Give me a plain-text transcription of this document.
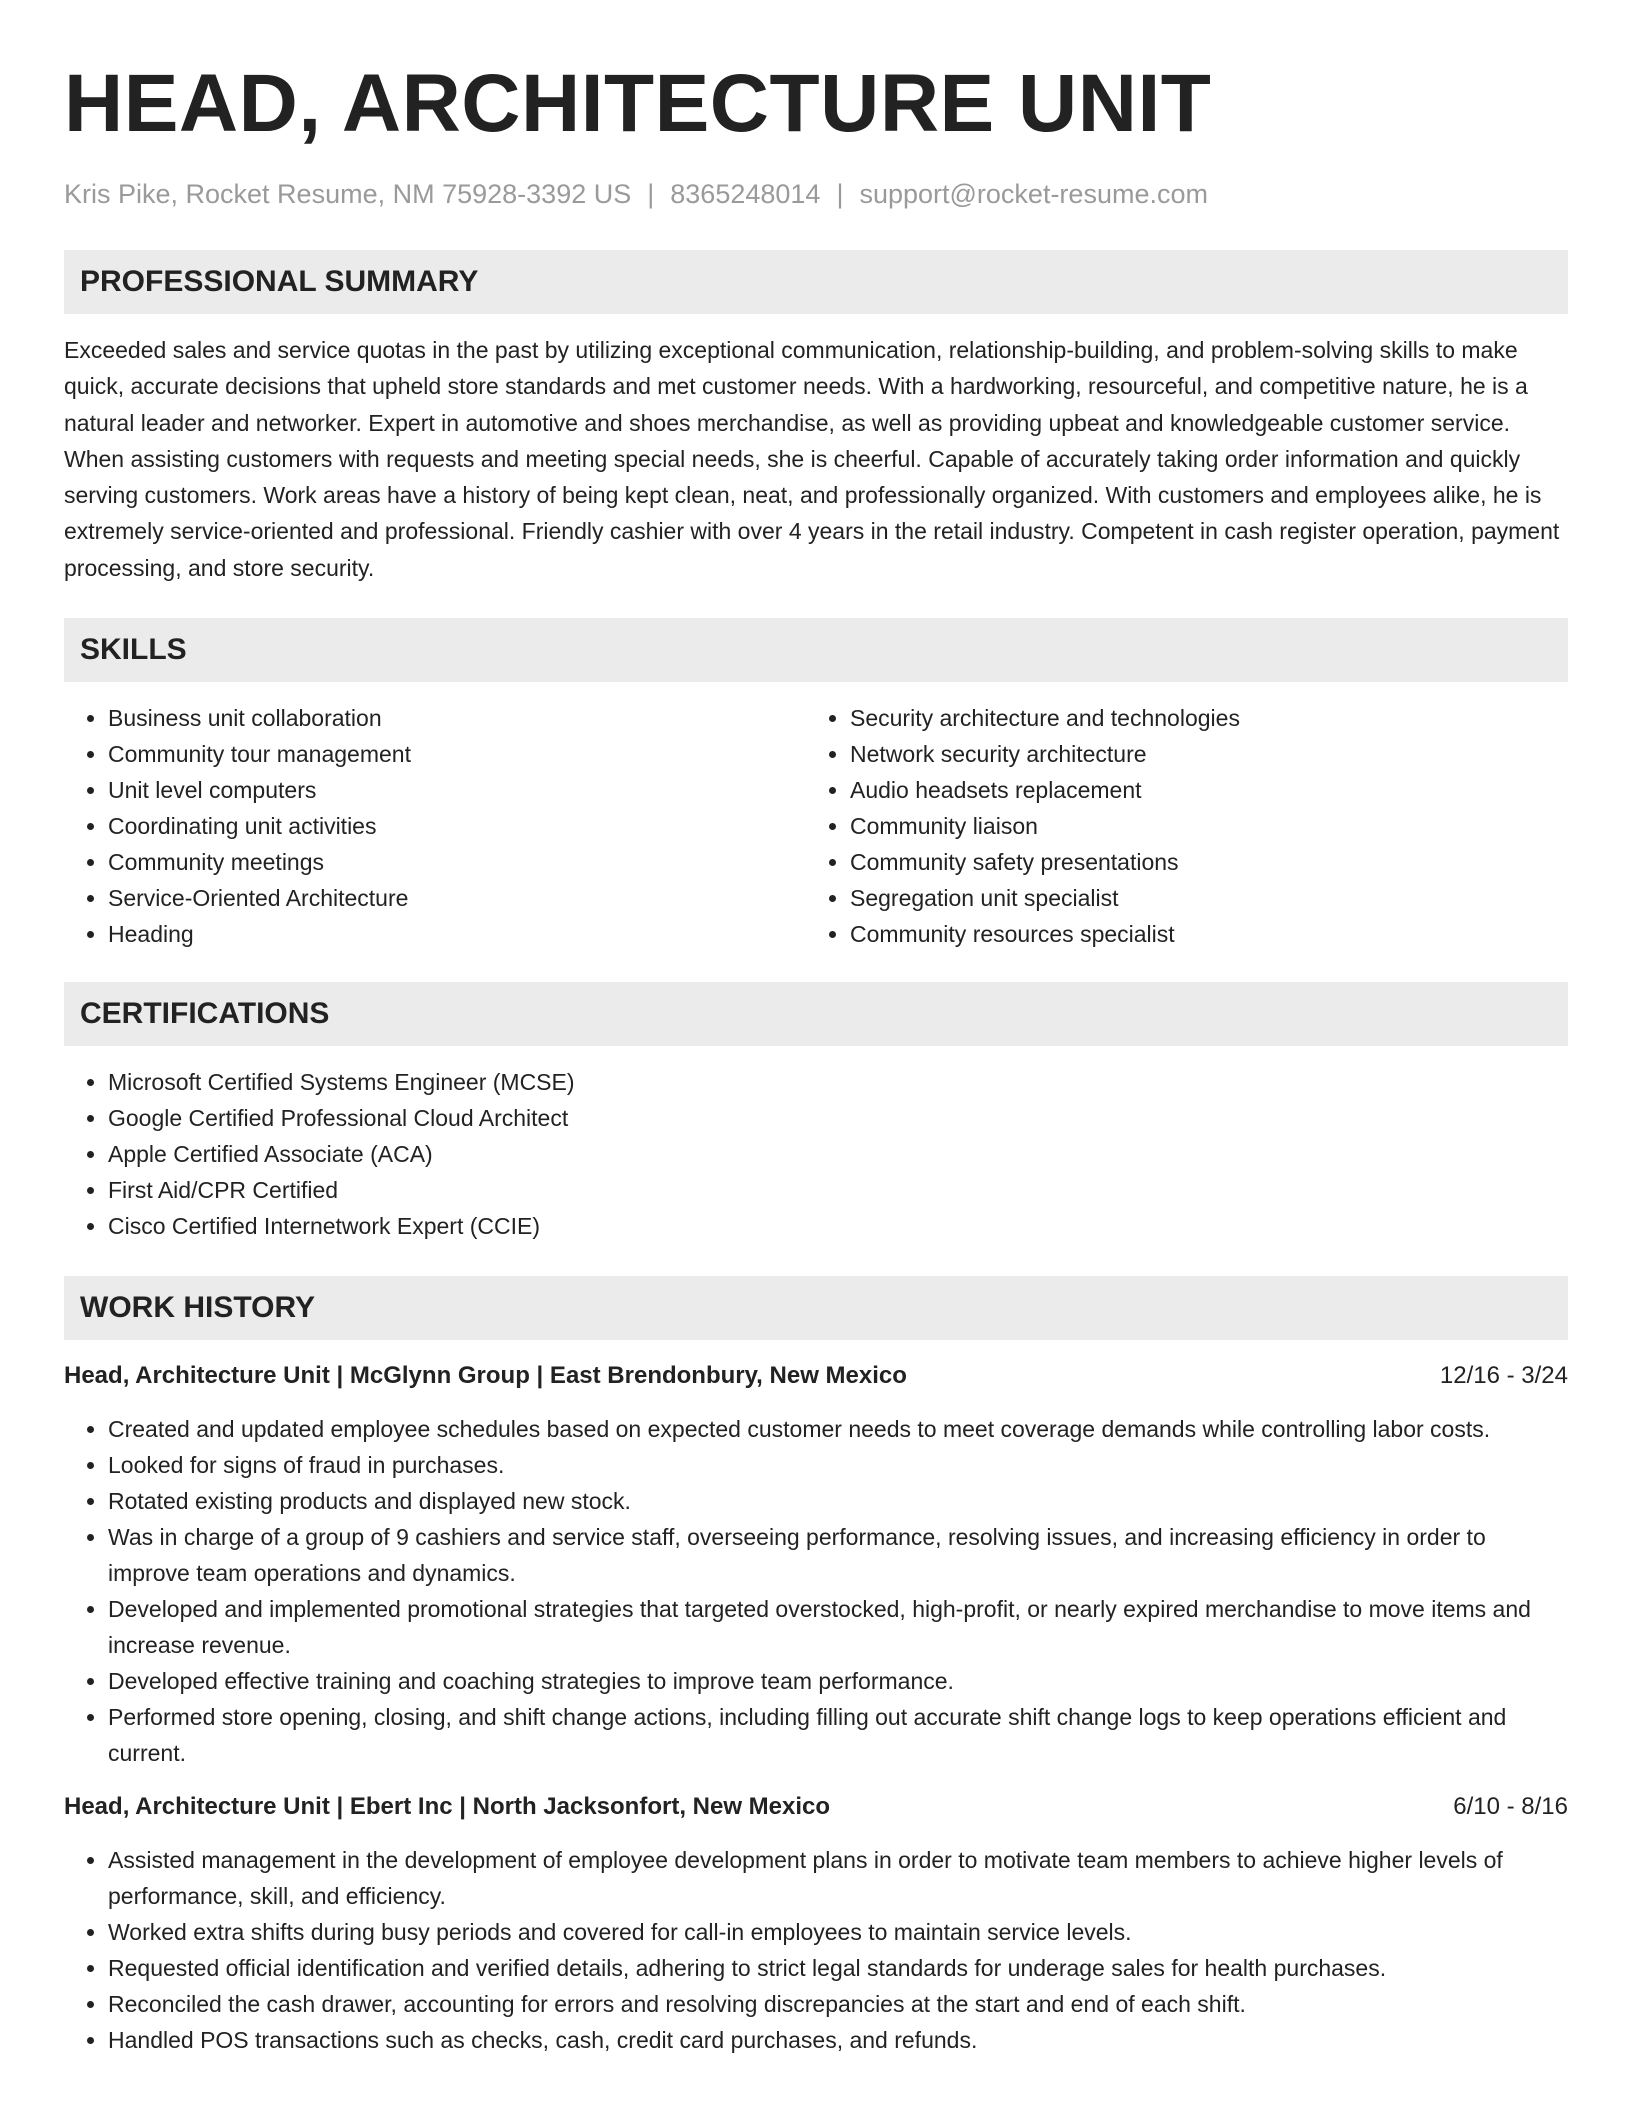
HEAD, ARCHITECTURE UNIT
Kris Pike, Rocket Resume, NM 75928-3392 US | 8365248014 | support@rocket-resume.com
PROFESSIONAL SUMMARY

Exceeded sales and service quotas in the past by utilizing exceptional communication, relationship-building, and problem-solving skills to make quick, accurate decisions that upheld store standards and met customer needs. With a hardworking, resourceful, and competitive nature, he is a natural leader and networker. Expert in automotive and shoes merchandise, as well as providing upbeat and knowledgeable customer service. When assisting customers with requests and meeting special needs, she is cheerful. Capable of accurately taking order information and quickly serving customers. Work areas have a history of being kept clean, neat, and professionally organized. With customers and employees alike, he is extremely service-oriented and professional. Friendly cashier with over 4 years in the retail industry. Competent in cash register operation, payment processing, and store security.

SKILLS
• Business unit collaboration
• Community tour management
• Unit level computers
• Coordinating unit activities
• Community meetings
• Service-Oriented Architecture
• Heading
• Security architecture and technologies
• Network security architecture
• Audio headsets replacement
• Community liaison
• Community safety presentations
• Segregation unit specialist
• Community resources specialist
CERTIFICATIONS
• Microsoft Certified Systems Engineer (MCSE)
• Google Certified Professional Cloud Architect
• Apple Certified Associate (ACA)
• First Aid/CPR Certified
• Cisco Certified Internetwork Expert (CCIE)
WORK HISTORY
Head, Architecture Unit | McGlynn Group | East Brendonbury, New Mexico	12/16 - 3/24
• Created and updated employee schedules based on expected customer needs to meet coverage demands while controlling labor costs.
• Looked for signs of fraud in purchases.
• Rotated existing products and displayed new stock.
• Was in charge of a group of 9 cashiers and service staff, overseeing performance, resolving issues, and increasing efficiency in order to improve team operations and dynamics.
• Developed and implemented promotional strategies that targeted overstocked, high-profit, or nearly expired merchandise to move items and increase revenue.
• Developed effective training and coaching strategies to improve team performance.
• Performed store opening, closing, and shift change actions, including filling out accurate shift change logs to keep operations efficient and current.
Head, Architecture Unit | Ebert Inc | North Jacksonfort, New Mexico	6/10 - 8/16
• Assisted management in the development of employee development plans in order to motivate team members to achieve higher levels of performance, skill, and efficiency.
• Worked extra shifts during busy periods and covered for call-in employees to maintain service levels.
• Requested official identification and verified details, adhering to strict legal standards for underage sales for health purchases.
• Reconciled the cash drawer, accounting for errors and resolving discrepancies at the start and end of each shift.
• Handled POS transactions such as checks, cash, credit card purchases, and refunds.
